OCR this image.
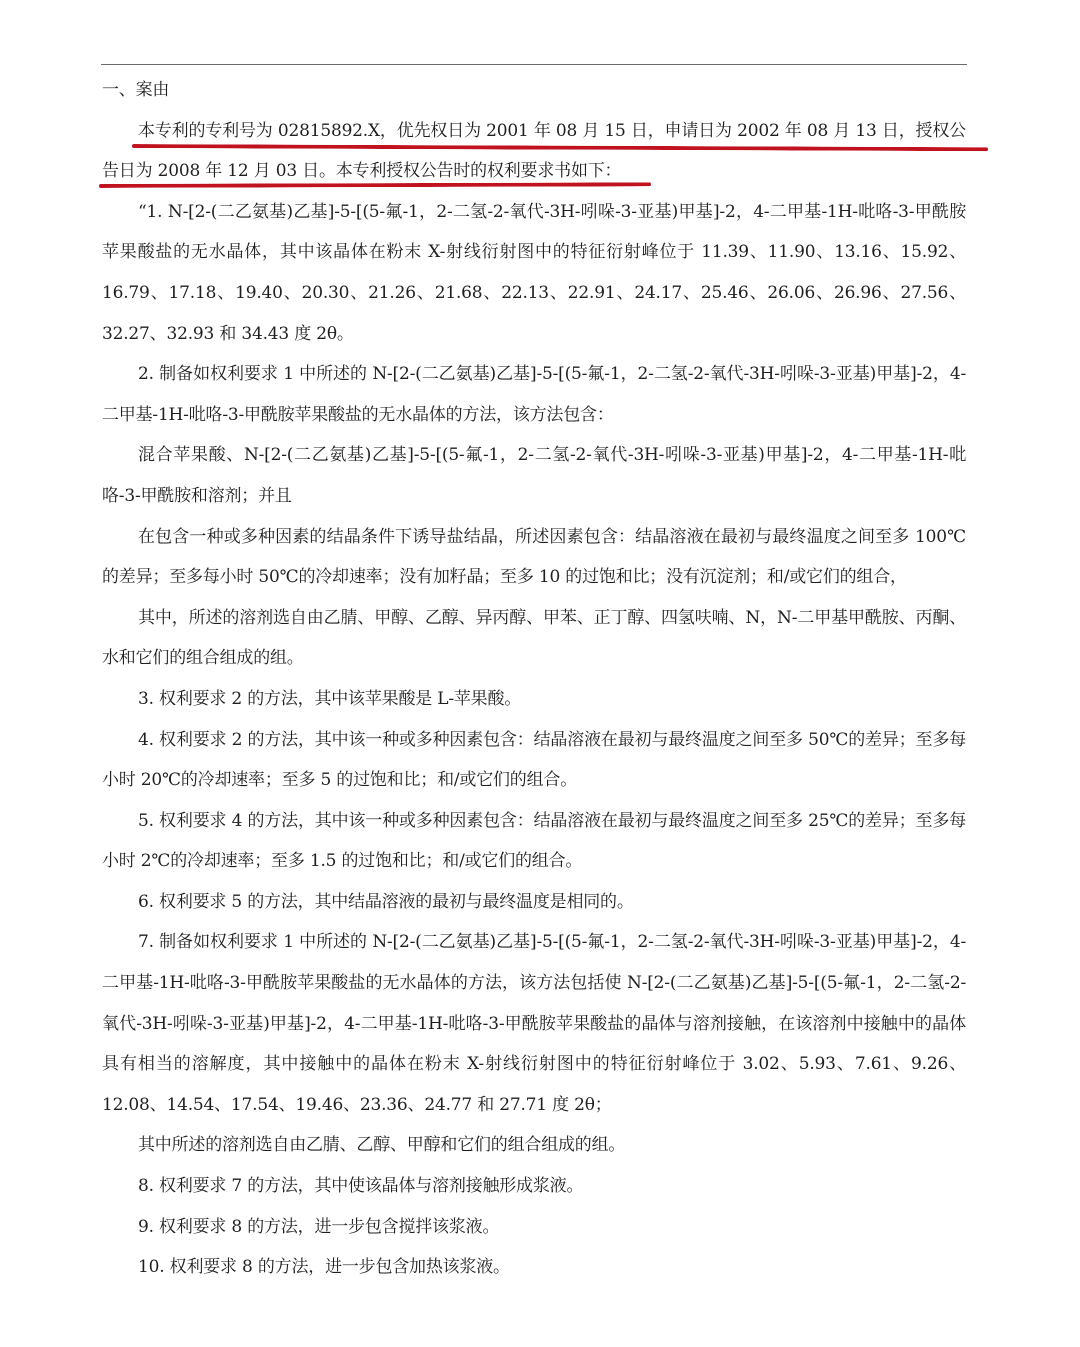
一、案由

本专利的专利号为 02815892.X，优先权日为 2001 年 08 月 15 日，申请日为 2002 年 08 月 13 日，授权公告日为 2008 年 12 月 03 日。本专利授权公告时的权利要求书如下：

“1. N-[2-(二乙氨基)乙基]-5-[(5-氟-1，2-二氢-2-氧代-3H-吲哚-3-亚基)甲基]-2，4-二甲基-1H-吡咯-3-甲酰胺苹果酸盐的无水晶体，其中该晶体在粉末 X-射线衍射图中的特征衍射峰位于 11.39、11.90、13.16、15.92、16.79、17.18、19.40、20.30、21.26、21.68、22.13、22.91、24.17、25.46、26.06、26.96、27.56、32.27、32.93 和 34.43 度 2θ。

2. 制备如权利要求 1 中所述的 N-[2-(二乙氨基)乙基]-5-[(5-氟-1，2-二氢-2-氧代-3H-吲哚-3-亚基)甲基]-2，4-二甲基-1H-吡咯-3-甲酰胺苹果酸盐的无水晶体的方法，该方法包含：

混合苹果酸、N-[2-(二乙氨基)乙基]-5-[(5-氟-1，2-二氢-2-氧代-3H-吲哚-3-亚基)甲基]-2，4-二甲基-1H-吡咯-3-甲酰胺和溶剂；并且

在包含一种或多种因素的结晶条件下诱导盐结晶，所述因素包含：结晶溶液在最初与最终温度之间至多 100℃的差异；至多每小时 50℃的冷却速率；没有加籽晶；至多 10 的过饱和比；没有沉淀剂；和/或它们的组合，

其中，所述的溶剂选自由乙腈、甲醇、乙醇、异丙醇、甲苯、正丁醇、四氢呋喃、N，N-二甲基甲酰胺、丙酮、水和它们的组合组成的组。

3. 权利要求 2 的方法，其中该苹果酸是 L-苹果酸。

4. 权利要求 2 的方法，其中该一种或多种因素包含：结晶溶液在最初与最终温度之间至多 50℃的差异；至多每小时 20℃的冷却速率；至多 5 的过饱和比；和/或它们的组合。

5. 权利要求 4 的方法，其中该一种或多种因素包含：结晶溶液在最初与最终温度之间至多 25℃的差异；至多每小时 2℃的冷却速率；至多 1.5 的过饱和比；和/或它们的组合。

6. 权利要求 5 的方法，其中结晶溶液的最初与最终温度是相同的。

7. 制备如权利要求 1 中所述的 N-[2-(二乙氨基)乙基]-5-[(5-氟-1，2-二氢-2-氧代-3H-吲哚-3-亚基)甲基]-2，4-二甲基-1H-吡咯-3-甲酰胺苹果酸盐的无水晶体的方法，该方法包括使 N-[2-(二乙氨基)乙基]-5-[(5-氟-1，2-二氢-2-氧代-3H-吲哚-3-亚基)甲基]-2，4-二甲基-1H-吡咯-3-甲酰胺苹果酸盐的晶体与溶剂接触，在该溶剂中接触中的晶体具有相当的溶解度，其中接触中的晶体在粉末 X-射线衍射图中的特征衍射峰位于 3.02、5.93、7.61、9.26、12.08、14.54、17.54、19.46、23.36、24.77 和 27.71 度 2θ；

其中所述的溶剂选自由乙腈、乙醇、甲醇和它们的组合组成的组。

8. 权利要求 7 的方法，其中使该晶体与溶剂接触形成浆液。

9. 权利要求 8 的方法，进一步包含搅拌该浆液。

10. 权利要求 8 的方法，进一步包含加热该浆液。
